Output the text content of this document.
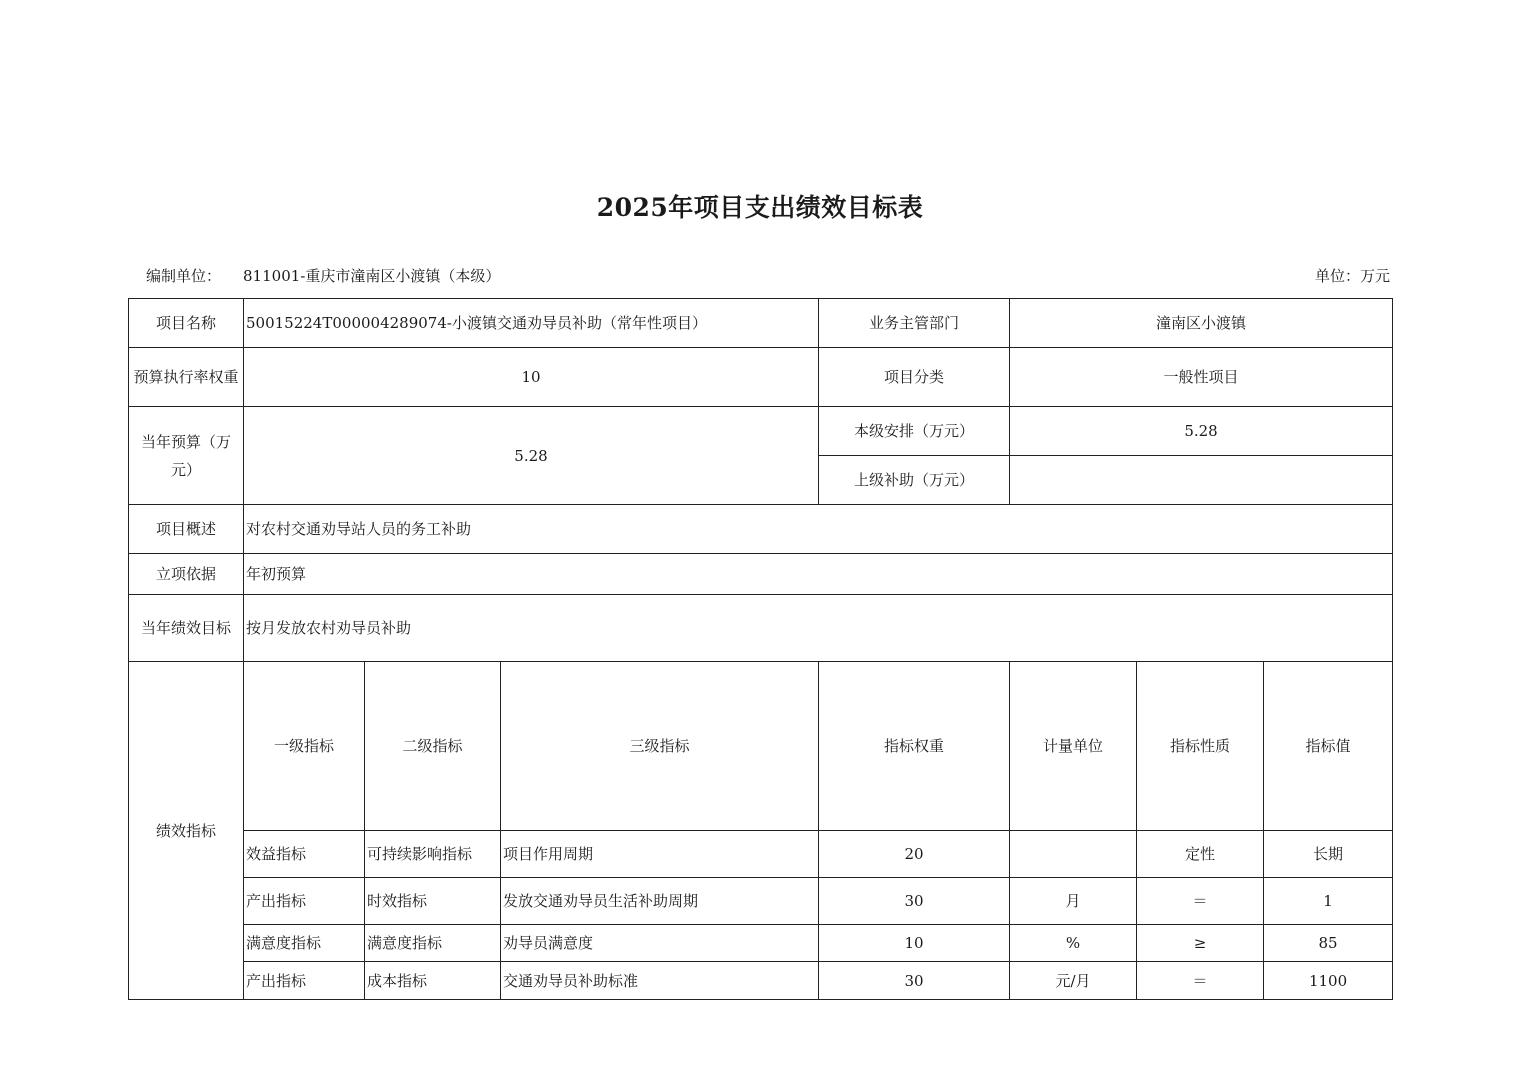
2025年项目支出绩效目标表
编制单位： 811001-重庆市潼南区小渡镇（本级）	单位：万元
项目名称	50015224T000004289074-小渡镇交通劝导员补助（常年性项目）			业务主管部门	潼南区小渡镇			
预算执行率权重	10			项目分类	一般性项目			
当年预算（万元）	5.28			本级安排（万元）	5.28			
				上级补助（万元）				
项目概述	对农村交通劝导站人员的务工补助							
立项依据	年初预算							
当年绩效目标	按月发放农村劝导员补助							
绩效指标	一级指标	二级指标	三级指标	指标权重	计量单位	指标性质	指标值	
	效益指标	可持续影响指标	项目作用周期	20		定性	长期	
	产出指标	时效指标	发放交通劝导员生活补助周期	30	月	＝	1	
	满意度指标	满意度指标	劝导员满意度	10	%	≥	85	
	产出指标	成本指标	交通劝导员补助标准	30	元/月	＝	1100	
